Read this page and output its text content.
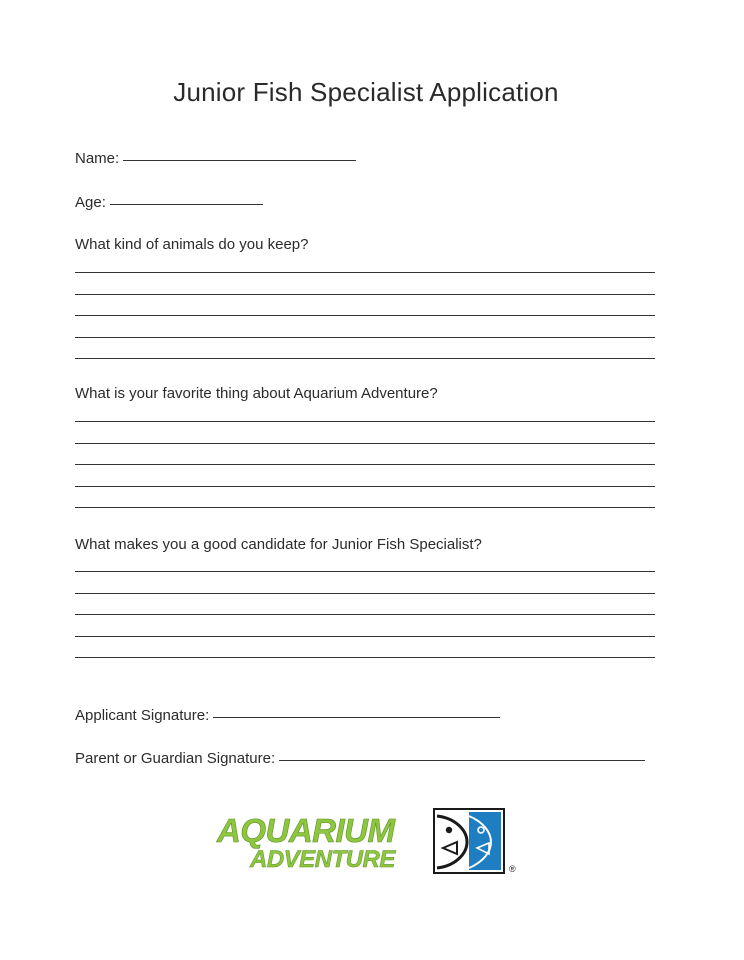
Junior Fish Specialist Application
Name:
Age:
What kind of animals do you keep?
What is your favorite thing about Aquarium Adventure?
What makes you a good candidate for Junior Fish Specialist?
Applicant Signature:
Parent or Guardian Signature:
AQUARIUM
ADVENTURE	®
